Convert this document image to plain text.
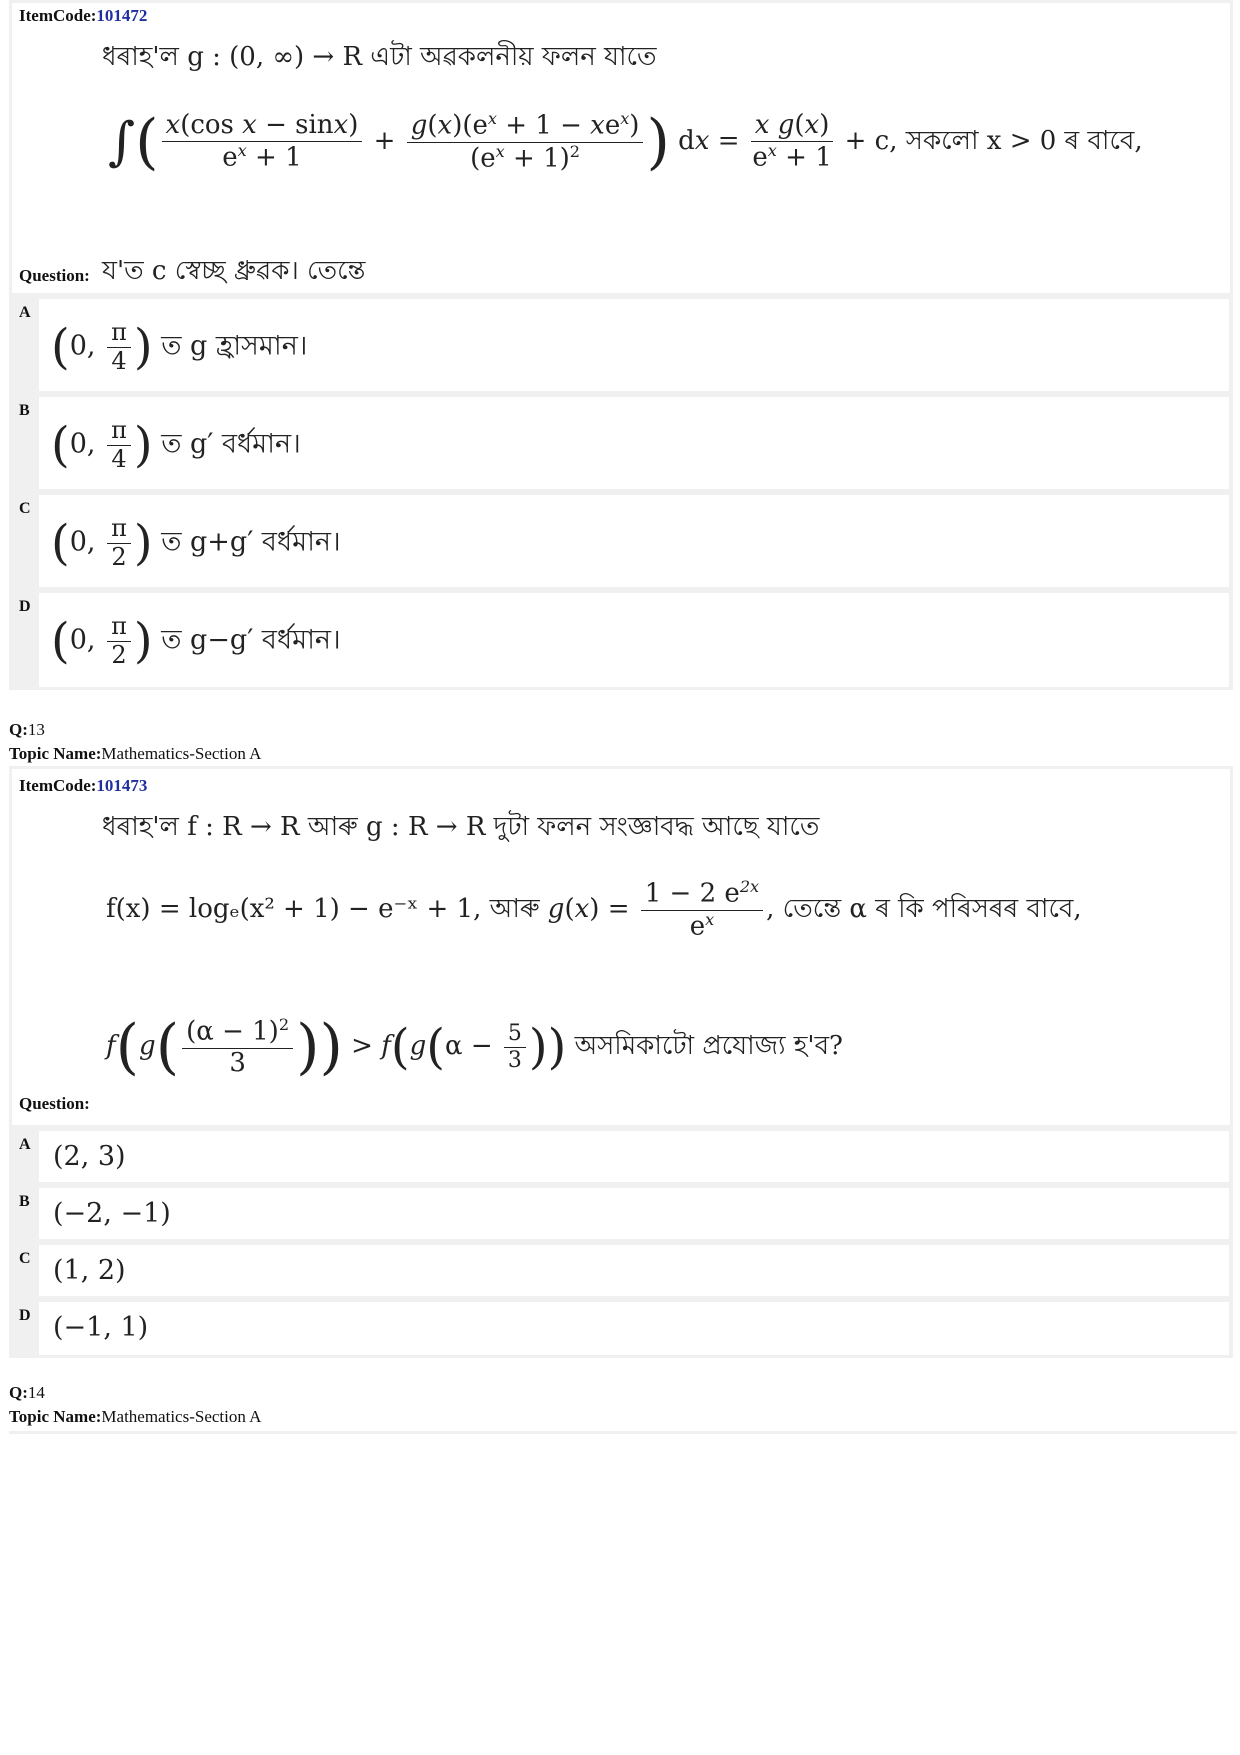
ItemCode:101472
ধৰাহ'ল g : (0, ∞) → R এটা অৱকলনীয় ফলন যাতে
∫( $\frac{\text{x(cos x − sinx)}}{e^x + 1} + \frac{g(x)(e^x + 1 - xe^x)}{(e^x + 1)^2}$ ) dx = $\frac{\text{x g(x)}}{e^x + 1} + c$, সকলো x > 0 ৰ বাবে,
Question: য'ত c স্বেচ্ছ ধ্ৰুৱক। তেন্তে
A
(0, $\frac{\pi}{4}$ ) ত g হ্রাসমান।
B
(0, $\frac{\pi}{4}$ ) ত g′ বৰ্ধমান।
C
(0, $\frac{\pi}{2}$ ) ত g+g′ বৰ্ধমান।
D
(0, $\frac{\pi}{2}$ ) ত g−g′ বৰ্ধমান।
Q:13
Topic Name:Mathematics-Section A
ItemCode:101473
ধৰাহ'ল f : R → R আৰু g : R → R দুটা ফলন সংজ্ঞাবদ্ধ আছে যাতে
f(x) = logₑ(x² + 1) − e⁻ˣ + 1, আৰু $g(x) = \frac{1 - 2 e^{2x}}{e^x}$ , তেন্তে α ৰ কি পৰিসৰৰ বাবে,
$f(g( \frac{(\alpha - 1)^2}{3}$ )) > $f(g(\alpha - \frac{5}{3}$ )) অসমিকাটো প্ৰযোজ্য হ'ব?
Question:
A (2, 3)
B (−2, −1)
C (1, 2)
D (−1, 1)
Q:14
Topic Name:Mathematics-Section A
